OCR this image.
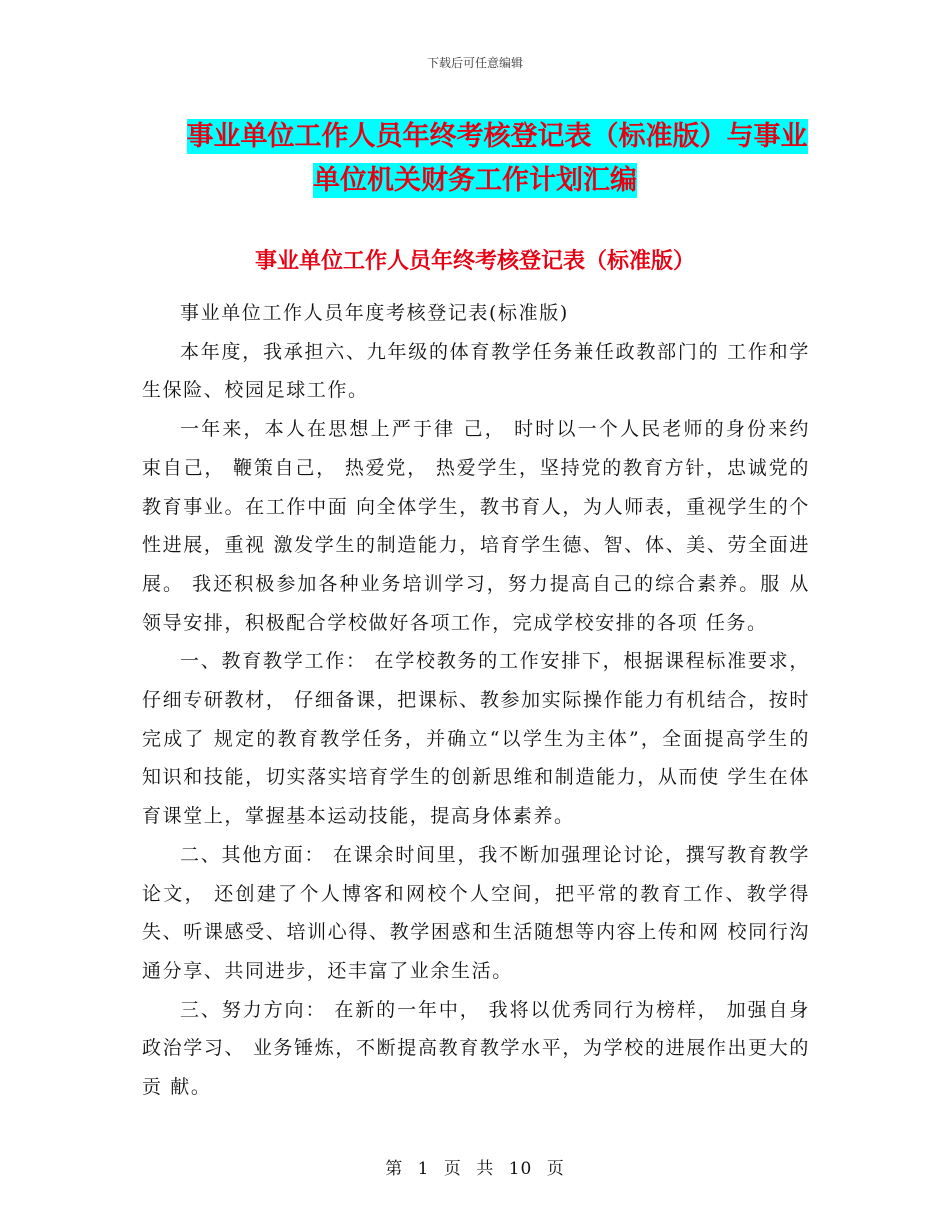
下载后可任意编辑
事业单位工作人员年终考核登记表（标准版）与事业
单位机关财务工作计划汇编
事业单位工作人员年终考核登记表（标准版）

事业单位工作人员年度考核登记表(标准版)

本年度，我承担六、九年级的体育教学任务兼任政教部门的 工作和学生保险、校园足球工作。

一年来，本人在思想上严于律 己， 时时以一个人民老师的身份来约束自己， 鞭策自己， 热爱党， 热爱学生，坚持党的教育方针，忠诚党的教育事业。在工作中面 向全体学生，教书育人，为人师表，重视学生的个性进展，重视 激发学生的制造能力，培育学生德、智、体、美、劳全面进展。 我还积极参加各种业务培训学习，努力提高自己的综合素养。服 从领导安排，积极配合学校做好各项工作，完成学校安排的各项 任务。

一、教育教学工作： 在学校教务的工作安排下，根据课程标准要求，仔细专研教材， 仔细备课，把课标、教参加实际操作能力有机结合，按时完成了 规定的教育教学任务，并确立“以学生为主体”，全面提高学生的 知识和技能，切实落实培育学生的创新思维和制造能力，从而使 学生在体育课堂上，掌握基本运动技能，提高身体素养。

二、其他方面： 在课余时间里，我不断加强理论讨论，撰写教育教学论文， 还创建了个人博客和网校个人空间，把平常的教育工作、教学得 失、听课感受、培训心得、教学困惑和生活随想等内容上传和网 校同行沟通分享、共同进步，还丰富了业余生活。

三、努力方向： 在新的一年中， 我将以优秀同行为榜样， 加强自身政治学习、 业务锤炼，不断提高教育教学水平，为学校的进展作出更大的贡 献。

第 1 页 共 10 页
